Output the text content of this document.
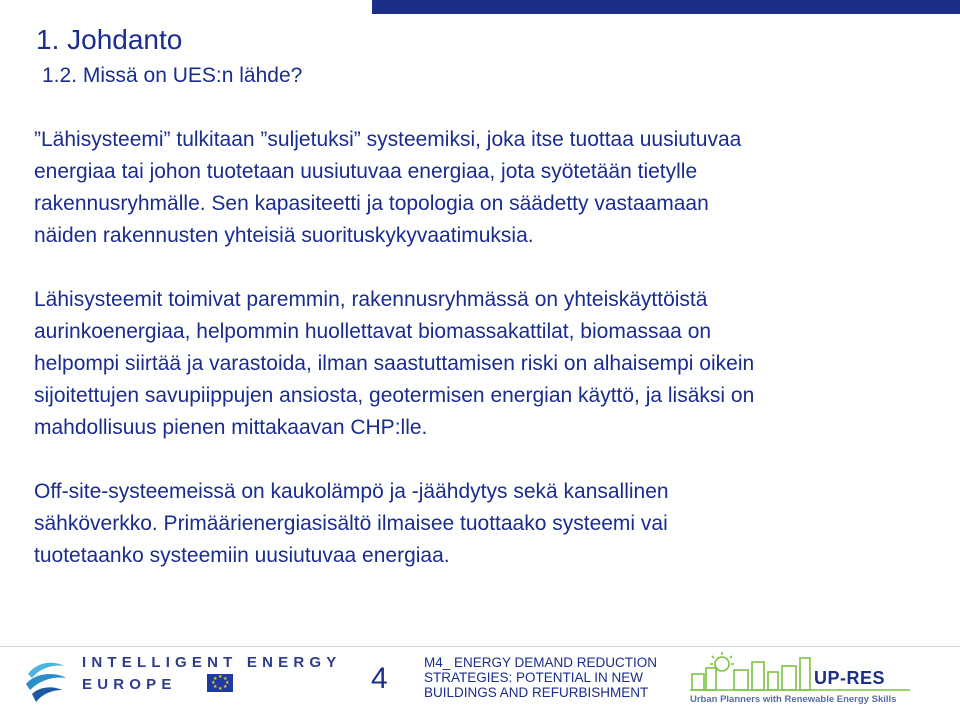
1. Johdanto
1.2. Missä on UES:n lähde?
”Lähisysteemi” tulkitaan ”suljetuksi” systeemiksi, joka itse tuottaa uusiutuvaa
energiaa tai johon tuotetaan uusiutuvaa energiaa, jota syötetään tietylle
rakennusryhmälle. Sen kapasiteetti ja topologia on säädetty vastaamaan
näiden rakennusten yhteisiä suorituskykyvaatimuksia.
Lähisysteemit toimivat paremmin, rakennusryhmässä on yhteiskäyttöistä
aurinkoenergiaa, helpommin huollettavat biomassakattilat, biomassaa on
helpompi siirtää ja varastoida, ilman saastuttamisen riski on alhaisempi oikein
sijoitettujen savupiippujen ansiosta, geotermisen energian käyttö, ja lisäksi on
mahdollisuus pienen mittakaavan CHP:lle.
Off-site-systeemeissä on kaukolämpö ja -jäähdytys sekä kansallinen
sähköverkko. Primäärienergiasisältö ilmaisee tuottaako systeemi vai
tuotetaanko systeemiin uusiutuvaa energiaa.
INTELLIGENT ENERGY
EUROPE	★ ★
★
★
★
★
★
★	4	M4_ ENERGY DEMAND REDUCTION
STRATEGIES: POTENTIAL IN NEW
BUILDINGS AND REFURBISHMENT
UP-RES
Urban Planners with Renewable Energy Skills
